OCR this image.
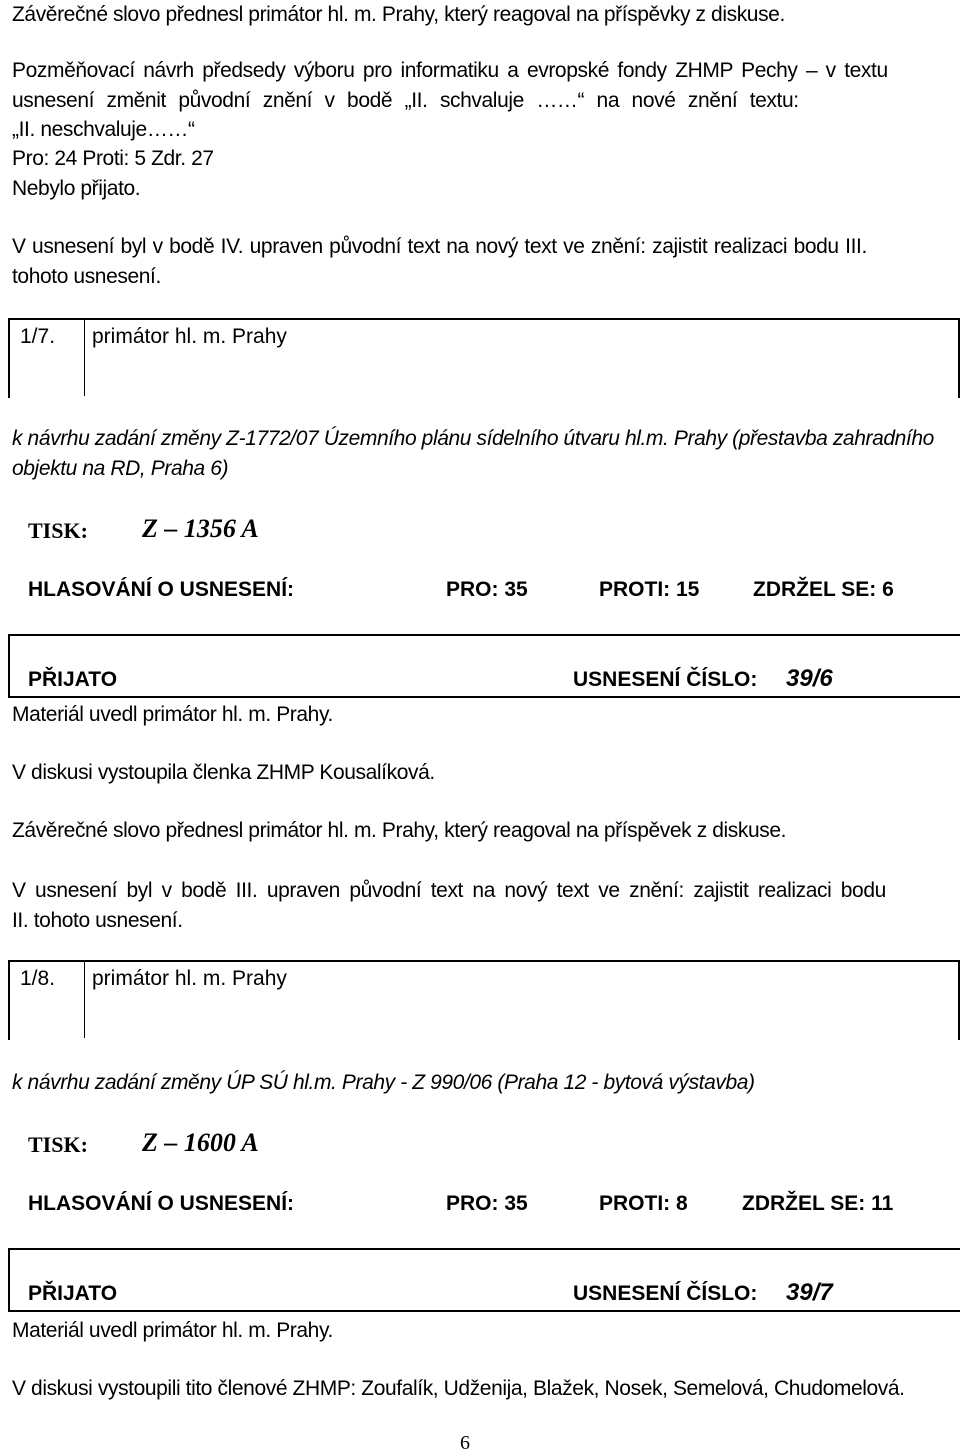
Závěrečné slovo přednesl primátor hl. m. Prahy, který reagoval na příspěvky z diskuse.
Pozměňovací návrh předsedy výboru pro informatiku a evropské fondy ZHMP Pechy – v textu
usnesení změnit původní znění v bodě „II. schvaluje ……“ na nové znění textu:
„II. neschvaluje……“
Pro: 24 Proti: 5 Zdr. 27
Nebylo přijato.
V usnesení byl v bodě IV. upraven původní text na nový text ve znění: zajistit realizaci bodu III.
tohoto usnesení.
1/7. primátor hl. m. Prahy
k návrhu zadání změny Z-1772/07 Územního plánu sídelního útvaru hl.m. Prahy (přestavba zahradního
objektu na RD, Praha 6)
TISK: Z – 1356 A
HLASOVÁNÍ O USNESENÍ:	PRO: 35	PROTI: 15	ZDRŽEL SE: 6
PŘIJATO	USNESENÍ ČÍSLO: 39/6
Materiál uvedl primátor hl. m. Prahy.
V diskusi vystoupila členka ZHMP Kousalíková.
Závěrečné slovo přednesl primátor hl. m. Prahy, který reagoval na příspěvek z diskuse.
V usnesení byl v bodě III. upraven původní text na nový text ve znění: zajistit realizaci bodu
II. tohoto usnesení.
1/8. primátor hl. m. Prahy
k návrhu zadání změny ÚP SÚ hl.m. Prahy - Z 990/06 (Praha 12 - bytová výstavba)
TISK: Z – 1600 A
HLASOVÁNÍ O USNESENÍ:	PRO: 35	PROTI: 8	ZDRŽEL SE: 11
PŘIJATO	USNESENÍ ČÍSLO: 39/7
Materiál uvedl primátor hl. m. Prahy.
V diskusi vystoupili tito členové ZHMP: Zoufalík, Udženija, Blažek, Nosek, Semelová, Chudomelová.
6
